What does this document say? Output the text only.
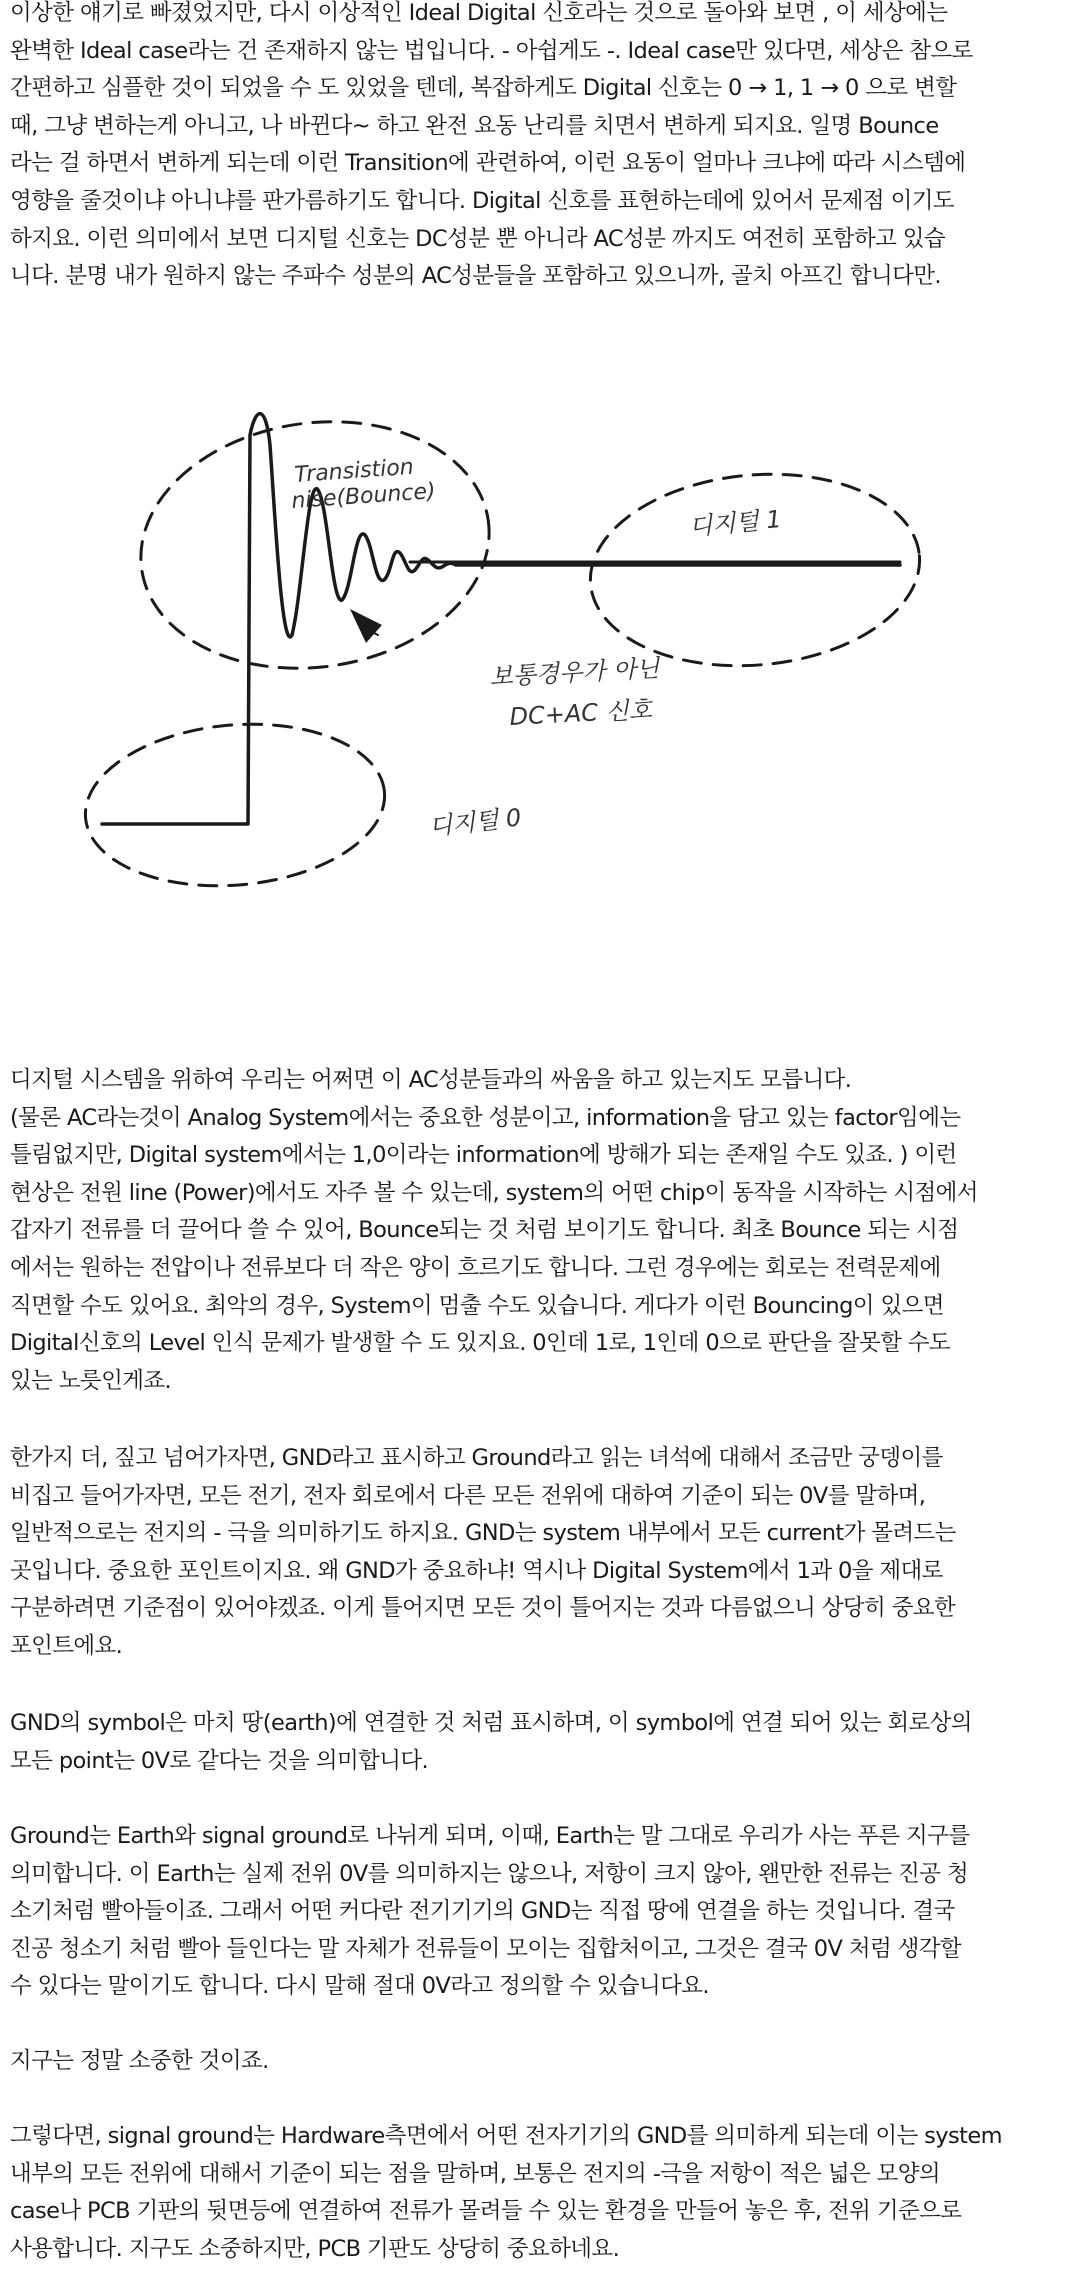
이상한 얘기로 빠졌었지만, 다시 이상적인 Ideal Digital 신호라는 것으로 돌아와 보면 , 이 세상에는
완벽한 Ideal case라는 건 존재하지 않는 법입니다. - 아쉽게도 -. Ideal case만 있다면, 세상은 참으로
간편하고 심플한 것이 되었을 수 도 있었을 텐데, 복잡하게도 Digital 신호는 0 → 1, 1 → 0 으로 변할
때, 그냥 변하는게 아니고, 나 바뀐다~ 하고 완전 요동 난리를 치면서 변하게 되지요. 일명 Bounce
라는 걸 하면서 변하게 되는데 이런 Transition에 관련하여, 이런 요동이 얼마나 크냐에 따라 시스템에
영향을 줄것이냐 아니냐를 판가름하기도 합니다. Digital 신호를 표현하는데에 있어서 문제점 이기도
하지요. 이런 의미에서 보면 디지털 신호는 DC성분 뿐 아니라 AC성분 까지도 여전히 포함하고 있습
니다. 분명 내가 원하지 않는 주파수 성분의 AC성분들을 포함하고 있으니까, 골치 아프긴 합니다만.
Transistion
nise(Bounce)
디지털 1
보통경우가 아닌
DC+AC 신호
디지털 0
디지털 시스템을 위하여 우리는 어쩌면 이 AC성분들과의 싸움을 하고 있는지도 모릅니다.
(물론 AC라는것이 Analog System에서는 중요한 성분이고, information을 담고 있는 factor임에는
틀림없지만, Digital system에서는 1,0이라는 information에 방해가 되는 존재일 수도 있죠. ) 이런
현상은 전원 line (Power)에서도 자주 볼 수 있는데, system의 어떤 chip이 동작을 시작하는 시점에서
갑자기 전류를 더 끌어다 쓸 수 있어, Bounce되는 것 처럼 보이기도 합니다. 최초 Bounce 되는 시점
에서는 원하는 전압이나 전류보다 더 작은 양이 흐르기도 합니다. 그런 경우에는 회로는 전력문제에
직면할 수도 있어요. 최악의 경우, System이 멈출 수도 있습니다. 게다가 이런 Bouncing이 있으면
Digital신호의 Level 인식 문제가 발생할 수 도 있지요. 0인데 1로, 1인데 0으로 판단을 잘못할 수도
있는 노릇인게죠.
한가지 더, 짚고 넘어가자면, GND라고 표시하고 Ground라고 읽는 녀석에 대해서 조금만 궁뎅이를
비집고 들어가자면, 모든 전기, 전자 회로에서 다른 모든 전위에 대하여 기준이 되는 0V를 말하며,
일반적으로는 전지의 - 극을 의미하기도 하지요. GND는 system 내부에서 모든 current가 몰려드는
곳입니다. 중요한 포인트이지요. 왜 GND가 중요하냐! 역시나 Digital System에서 1과 0을 제대로
구분하려면 기준점이 있어야겠죠. 이게 틀어지면 모든 것이 틀어지는 것과 다름없으니 상당히 중요한
포인트에요.
GND의 symbol은 마치 땅(earth)에 연결한 것 처럼 표시하며, 이 symbol에 연결 되어 있는 회로상의
모든 point는 0V로 같다는 것을 의미합니다.
Ground는 Earth와 signal ground로 나뉘게 되며, 이때, Earth는 말 그대로 우리가 사는 푸른 지구를
의미합니다. 이 Earth는 실제 전위 0V를 의미하지는 않으나, 저항이 크지 않아, 왠만한 전류는 진공 청
소기처럼 빨아들이죠. 그래서 어떤 커다란 전기기기의 GND는 직접 땅에 연결을 하는 것입니다. 결국
진공 청소기 처럼 빨아 들인다는 말 자체가 전류들이 모이는 집합처이고, 그것은 결국 0V 처럼 생각할
수 있다는 말이기도 합니다. 다시 말해 절대 0V라고 정의할 수 있습니다요.
지구는 정말 소중한 것이죠.
그렇다면, signal ground는 Hardware측면에서 어떤 전자기기의 GND를 의미하게 되는데 이는 system
내부의 모든 전위에 대해서 기준이 되는 점을 말하며, 보통은 전지의 -극을 저항이 적은 넓은 모양의
case나 PCB 기판의 뒷면등에 연결하여 전류가 몰려들 수 있는 환경을 만들어 놓은 후, 전위 기준으로
사용합니다. 지구도 소중하지만, PCB 기판도 상당히 중요하네요.
